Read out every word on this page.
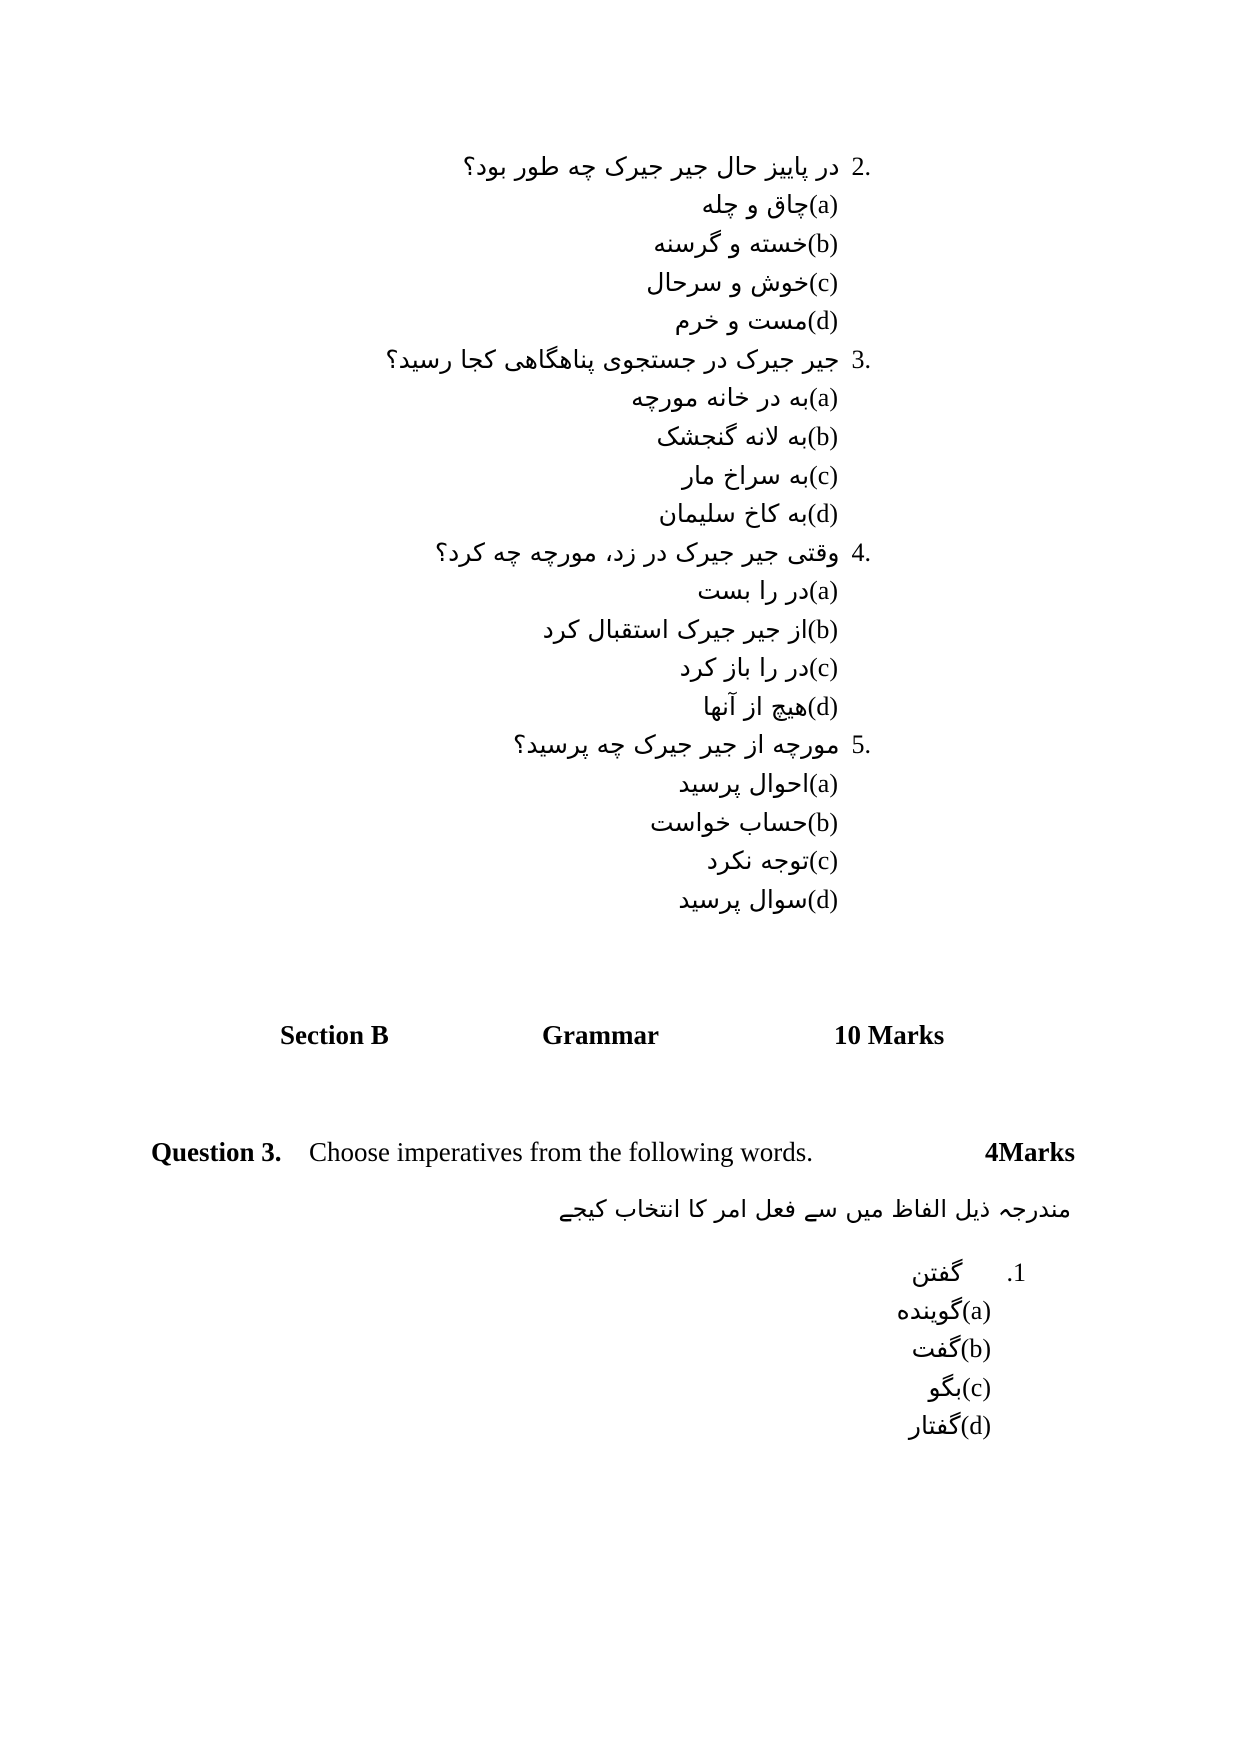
2.
در پاییز حال جیر جیرک چه طور بود؟
(a)
چاق و چله
(b)
خسته و گرسنه
(c)
خوش و سرحال
(d)
مست و خرم
3.
جیر جیرک در جستجوی پناهگاهی کجا رسید؟
(a)
به در خانه مورچه
(b)
به لانه گنجشک
(c)
به سراخ مار
(d)
به کاخ سلیمان
4.
وقتی جیر جیرک در زد، مورچه چه کرد؟
(a)
در را بست
(b)
از جیر جیرک استقبال کرد
(c)
در را باز کرد
(d)
هیچ از آنها
5.
مورچه از جیر جیرک چه پرسید؟
(a)
احوال پرسید
(b)
حساب خواست
(c)
توجه نکرد
(d)
سوال پرسید
Section B	Grammar	10 Marks
Question 3. Choose imperatives from the following words.	4Marks
مندرجہ ذیل الفاظ میں سے فعل امر کا انتخاب کیجے
.1
گفتن
(a)
گوینده
(b)
گفت
(c)
بگو
(d)
گفتار
